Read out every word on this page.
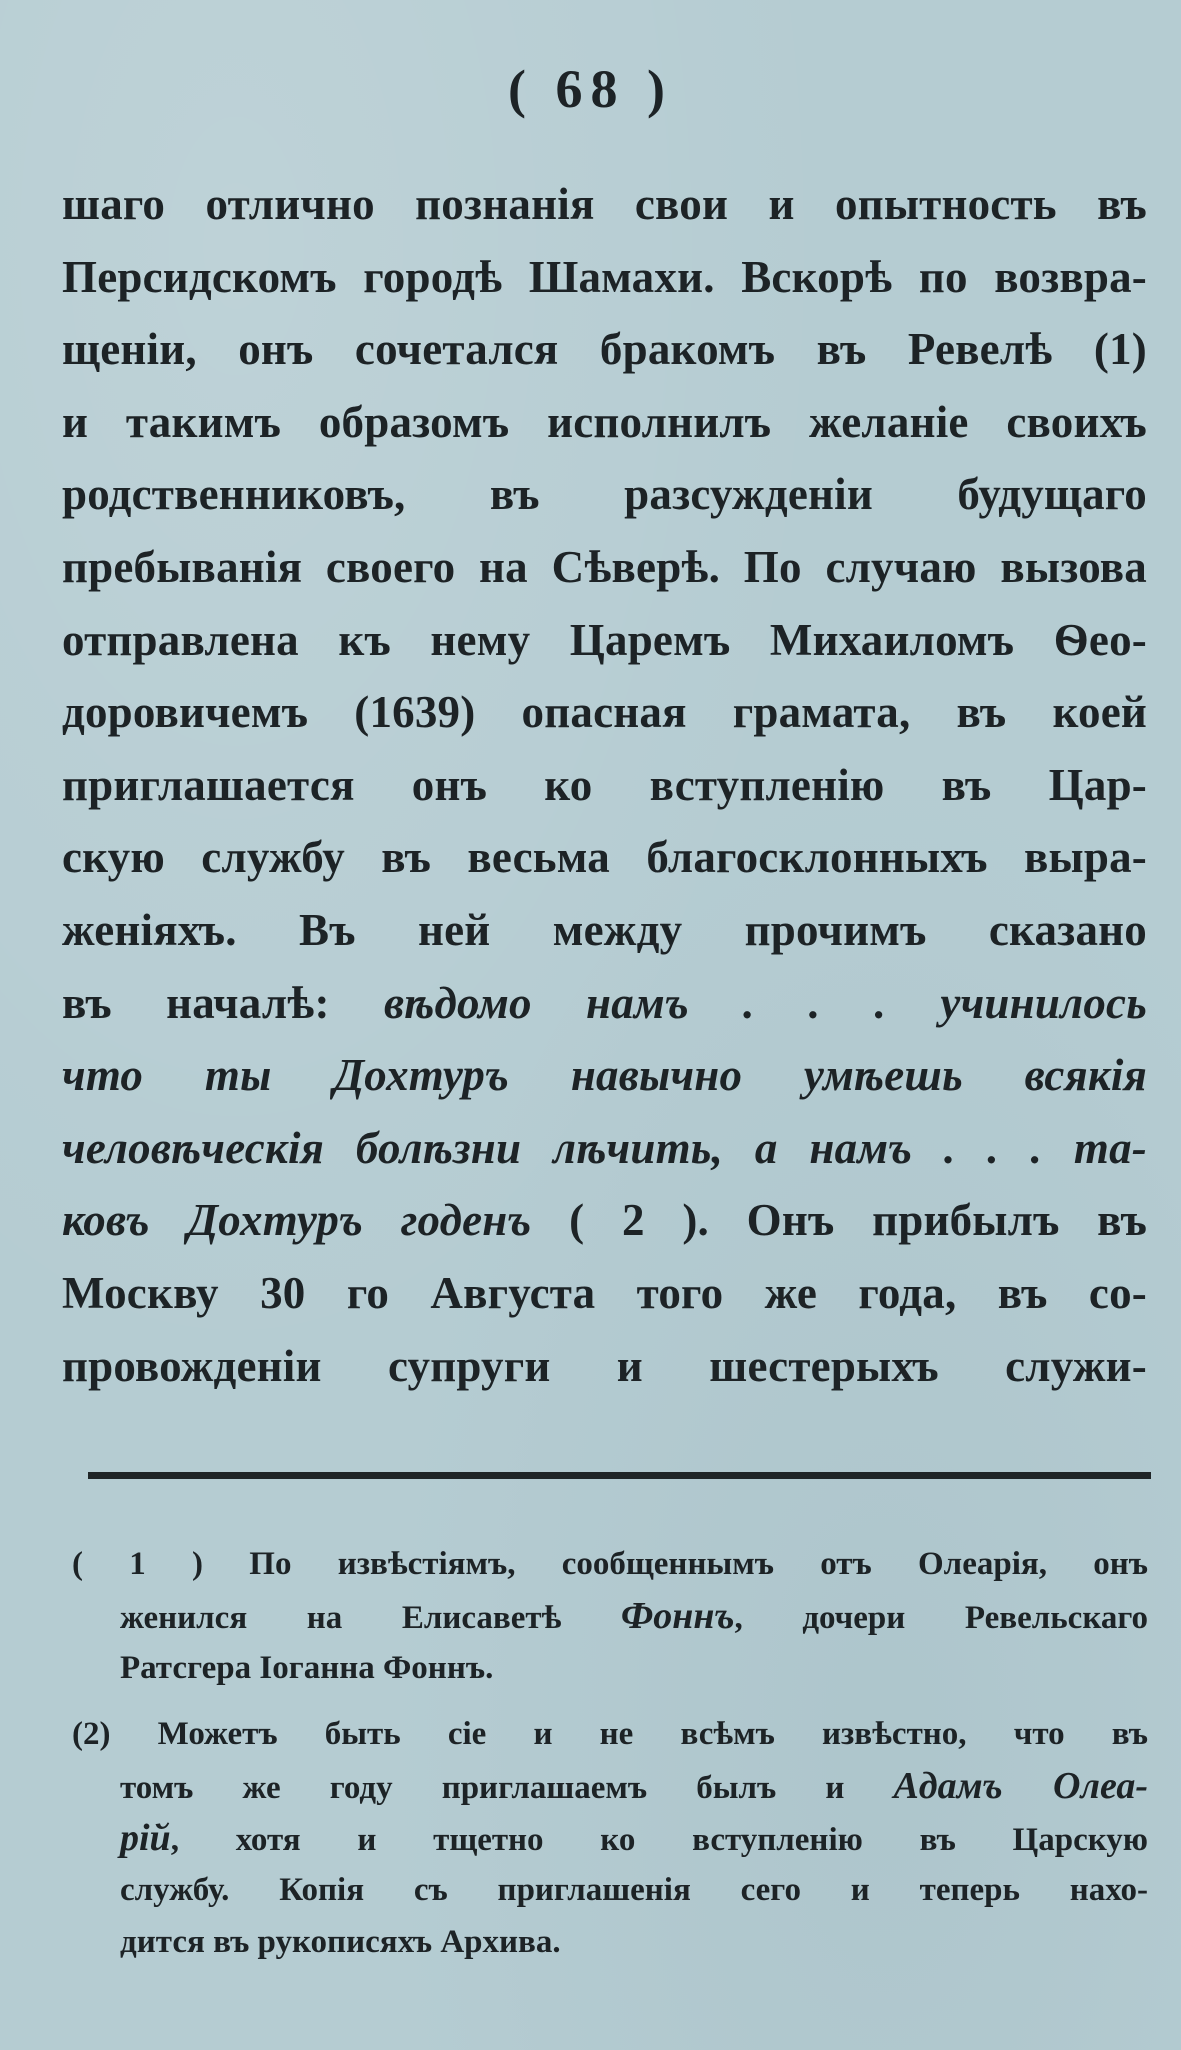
( 68 )
шаго отлично познанія свои и опытность въ
Персидскомъ городѣ Шамахи. Вскорѣ по возвра-
щеніи, онъ сочетался бракомъ въ Ревелѣ (1)
и такимъ образомъ исполнилъ желаніе своихъ
родственниковъ, въ разсужденіи будущаго
пребыванія своего на Сѣверѣ. По случаю вызова
отправлена къ нему Царемъ Михаиломъ Ѳео-
доровичемъ (1639) опасная грамата, въ коей
приглашается онъ ко вступленію въ Цар-
скую службу въ весьма благосклонныхъ выра-
женіяхъ. Въ ней между прочимъ сказано
въ началѣ: вѣдомо намъ . . . учинилось
что ты Дохтуръ навычно умѣешь всякія
человѣческія болѣзни лѣчить, а намъ . . . та-
ковъ Дохтуръ годенъ ( 2 ). Онъ прибылъ въ
Москву 30 го Августа того же года, въ со-
провожденіи супруги и шестерыхъ служи-
( 1 ) По извѣстіямъ, сообщеннымъ отъ Олеарія, онъ
женился на Елисаветѣ Фоннъ, дочери Ревельскаго
Ратсгера Іоганна Фоннъ.
(2) Можетъ быть сіе и не всѣмъ извѣстно, что въ
томъ же году приглашаемъ былъ и Адамъ Олеа-
рій, хотя и тщетно ко вступленію въ Царскую
службу. Копія съ приглашенія сего и теперь нахо-
дится въ рукописяхъ Архива.
